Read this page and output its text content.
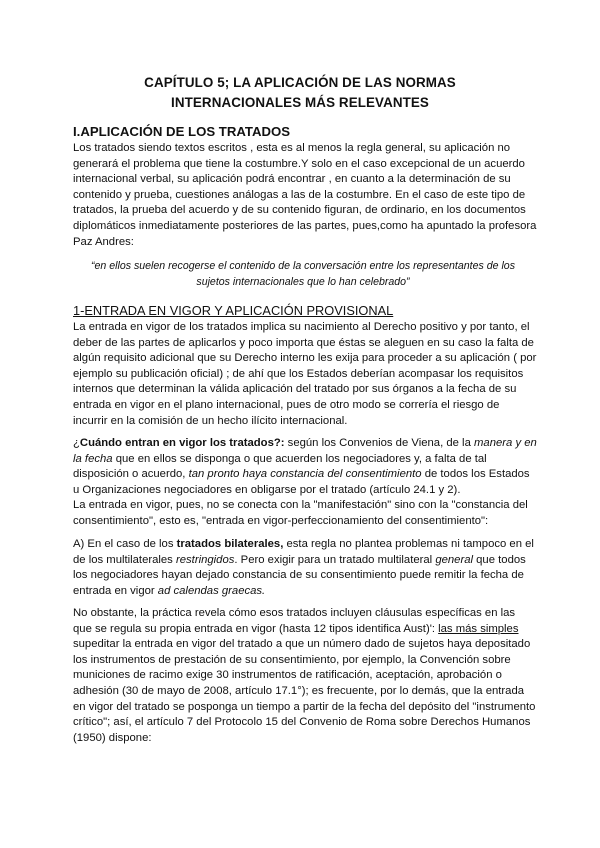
CAPÍTULO 5; LA APLICACIÓN DE LAS NORMAS
INTERNACIONALES MÁS RELEVANTES
I.APLICACIÓN DE LOS TRATADOS
Los tratados siendo textos escritos , esta es al menos la regla general, su aplicación no
generará el problema que tiene la costumbre.Y solo en el caso excepcional de un acuerdo
internacional verbal, su aplicación podrá encontrar , en cuanto a la determinación de su
contenido y prueba, cuestiones análogas a las de la costumbre. En el caso de este tipo de
tratados, la prueba del acuerdo y de su contenido figuran, de ordinario, en los documentos
diplomáticos inmediatamente posteriores de las partes, pues,como ha apuntado la profesora
Paz Andres:
“en ellos suelen recogerse el contenido de la conversación entre los representantes de los
sujetos internacionales que lo han celebrado”
1-ENTRADA EN VIGOR Y APLICACIÓN PROVISIONAL
La entrada en vigor de los tratados implica su nacimiento al Derecho positivo y por tanto, el
deber de las partes de aplicarlos y poco importa que éstas se aleguen en su caso la falta de
algún requisito adicional que su Derecho interno les exija para proceder a su aplicación ( por
ejemplo su publicación oficial) ; de ahí que los Estados deberían acompasar los requisitos
internos que determinan la válida aplicación del tratado por sus órganos a la fecha de su
entrada en vigor en el plano internacional, pues de otro modo se correría el riesgo de
incurrir en la comisión de un hecho ilícito internacional.
¿Cuándo entran en vigor los tratados?: según los Convenios de Viena, de la manera y en
la fecha que en ellos se disponga o que acuerden los negociadores y, a falta de tal
disposición o acuerdo, tan pronto haya constancia del consentimiento de todos los Estados
u Organizaciones negociadores en obligarse por el tratado (artículo 24.1 y 2).
La entrada en vigor, pues, no se conecta con la "manifestación" sino con la "constancia del
consentimiento", esto es, "entrada en vigor-perfeccionamiento del consentimiento":
A) En el caso de los tratados bilaterales, esta regla no plantea problemas ni tampoco en el
de los multilaterales restringidos. Pero exigir para un tratado multilateral general que todos
los negociadores hayan dejado constancia de su consentimiento puede remitir la fecha de
entrada en vigor ad calendas graecas.
No obstante, la práctica revela cómo esos tratados incluyen cláusulas específicas en las
que se regula su propia entrada en vigor (hasta 12 tipos identifica Aust)': las más simples
supeditar la entrada en vigor del tratado a que un número dado de sujetos haya depositado
los instrumentos de prestación de su consentimiento, por ejemplo, la Convención sobre
municiones de racimo exige 30 instrumentos de ratificación, aceptación, aprobación o
adhesión (30 de mayo de 2008, artículo 17.1°); es frecuente, por lo demás, que la entrada
en vigor del tratado se posponga un tiempo a partir de la fecha del depósito del "instrumento
crítico"; así, el artículo 7 del Protocolo 15 del Convenio de Roma sobre Derechos Humanos
(1950) dispone:
